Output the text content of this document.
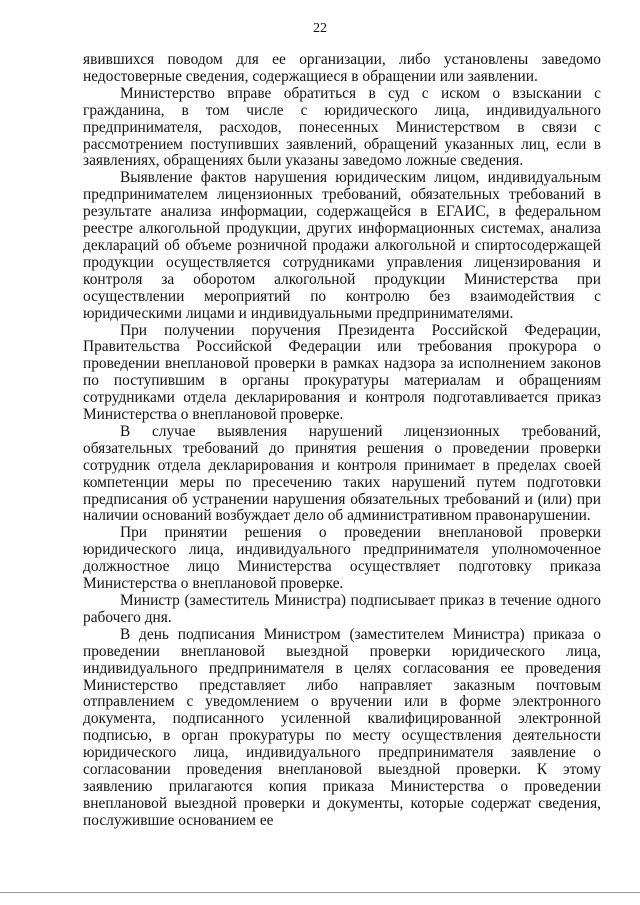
22

явившихся поводом для ее организации, либо установлены заведомо недостоверные сведения, содержащиеся в обращении или заявлении.

Министерство вправе обратиться в суд с иском о взыскании с гражданина, в том числе с юридического лица, индивидуального предпринимателя, расходов, понесенных Министерством в связи с рассмотрением поступивших заявлений, обращений указанных лиц, если в заявлениях, обращениях были указаны заведомо ложные сведения.

Выявление фактов нарушения юридическим лицом, индивидуальным предпринимателем лицензионных требований, обязательных требований в результате анализа информации, содержащейся в ЕГАИС, в федеральном реестре алкогольной продукции, других информационных системах, анализа деклараций об объеме розничной продажи алкогольной и спиртосодержащей продукции осуществляется сотрудниками управления лицензирования и контроля за оборотом алкогольной продукции Министерства при осуществлении мероприятий по контролю без взаимодействия с юридическими лицами и индивидуальными предпринимателями.

При получении поручения Президента Российской Федерации, Правительства Российской Федерации или требования прокурора о проведении внеплановой проверки в рамках надзора за исполнением законов по поступившим в органы прокуратуры материалам и обращениям сотрудниками отдела декларирования и контроля подготавливается приказ Министерства о внеплановой проверке.

В случае выявления нарушений лицензионных требований, обязательных требований до принятия решения о проведении проверки сотрудник отдела декларирования и контроля принимает в пределах своей компетенции меры по пресечению таких нарушений путем подготовки предписания об устранении нарушения обязательных требований и (или) при наличии оснований возбуждает дело об административном правонарушении.

При принятии решения о проведении внеплановой проверки юридического лица, индивидуального предпринимателя уполномоченное должностное лицо Министерства осуществляет подготовку приказа Министерства о внеплановой проверке.

Министр (заместитель Министра) подписывает приказ в течение одного рабочего дня.

В день подписания Министром (заместителем Министра) приказа о проведении внеплановой выездной проверки юридического лица, индивидуального предпринимателя в целях согласования ее проведения Министерство представляет либо направляет заказным почтовым отправлением с уведомлением о вручении или в форме электронного документа, подписанного усиленной квалифицированной электронной подписью, в орган прокуратуры по месту осуществления деятельности юридического лица, индивидуального предпринимателя заявление о согласовании проведения внеплановой выездной проверки. К этому заявлению прилагаются копия приказа Министерства о проведении внеплановой выездной проверки и документы, которые содержат сведения, послужившие основанием ее
